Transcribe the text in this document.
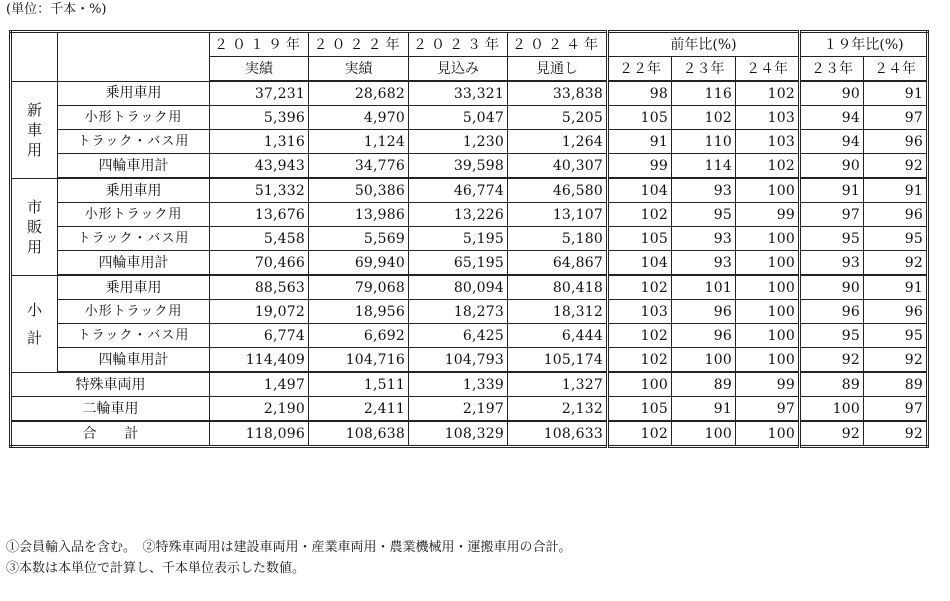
(単位：千本・%)
		２０１９年	２０２２年	２０２３年	２０２４年	前年比(%)			１９年比(%)	
		実績	実績	見込み	見通し	２２年	２３年	２４年	２３年	２４年

新
車
用	乗用車用	37,231	28,682	33,321	33,838	98	116	102	90	91
	小形トラック用	5,396	4,970	5,047	5,205	105	102	103	94	97
	トラック・バス用	1,316	1,124	1,230	1,264	91	110	103	94	96
	四輪車用計	43,943	34,776	39,598	40,307	99	114	102	90	92

市
販
用	乗用車用	51,332	50,386	46,774	46,580	104	93	100	91	91
	小形トラック用	13,676	13,986	13,226	13,107	102	95	99	97	96
	トラック・バス用	5,458	5,569	5,195	5,180	105	93	100	95	95
	四輪車用計	70,466	69,940	65,195	64,867	104	93	100	93	92

小
計	乗用車用	88,563	79,068	80,094	80,418	102	101	100	90	91
	小形トラック用	19,072	18,956	18,273	18,312	103	96	100	96	96
	トラック・バス用	6,774	6,692	6,425	6,444	102	96	100	95	95
	四輪車用計	114,409	104,716	104,793	105,174	102	100	100	92	92
特殊車両用		1,497	1,511	1,339	1,327	100	89	99	89	89
二輪車用		2,190	2,411	2,197	2,132	105	91	97	100	97
合　　計		118,096	108,638	108,329	108,633	102	100	100	92	92
①会員輸入品を含む。　②特殊車両用は建設車両用・産業車両用・農業機械用・運搬車用の合計。
③本数は本単位で計算し、千本単位表示した数値。
